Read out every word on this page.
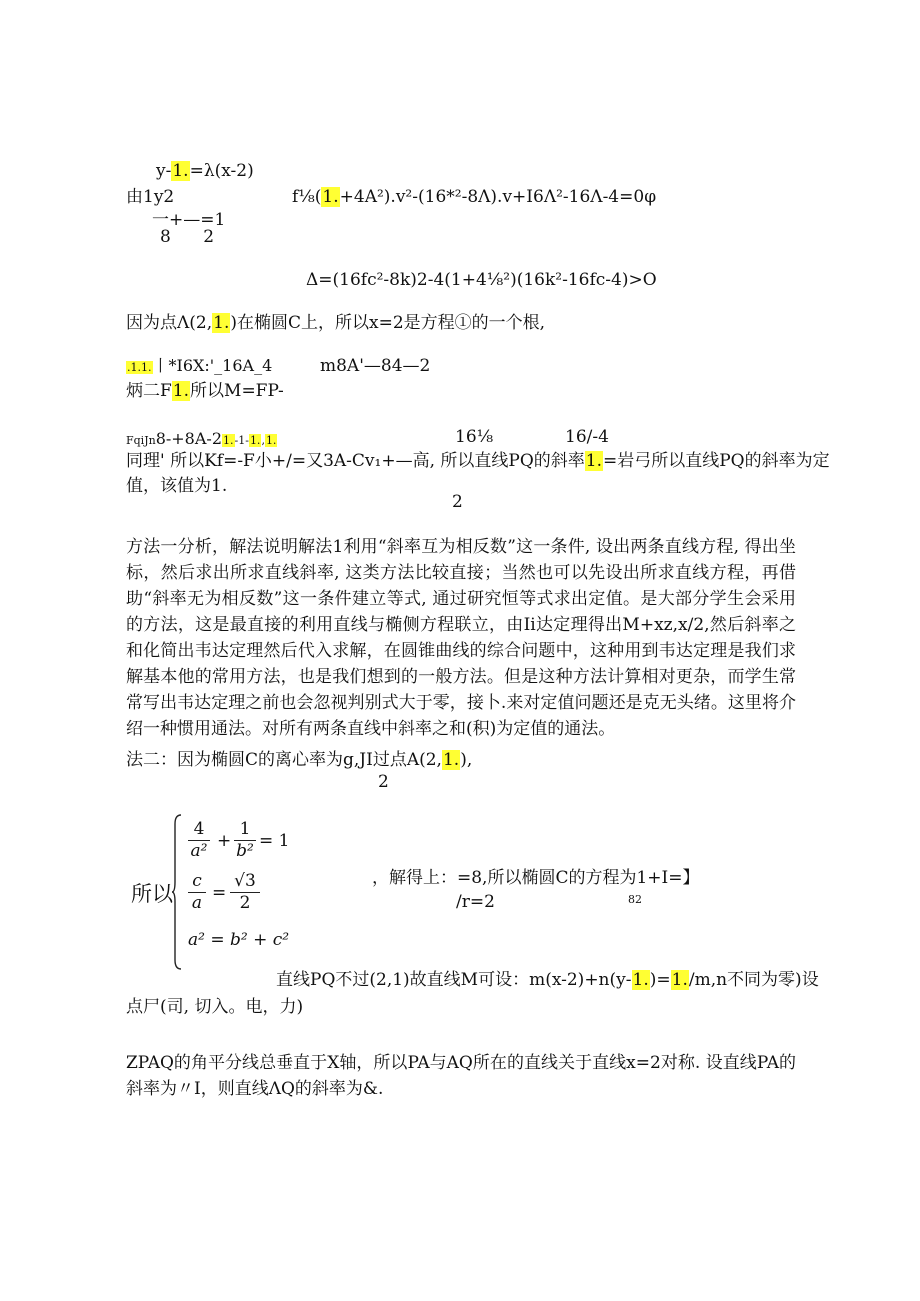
y-1.=λ(x-2)
由1y2	f⅛(1.+4A²).v²-(16*²-8Λ).v+I6Λ²-16Λ-4=0φ
一+—=1
8      2
Δ=(16fc²-8k)2-4(1+4⅛²)(16k²-16fc-4)>O
因为点Λ(2,1.)在椭圆C上，所以x=2是方程①的一个根,
.1.1.丨*I6X:'_16A_4	m8A'—84—2
炳二F1.所以M=FP-
FqiJn8-+8A-21.-1-1.,1.	16⅛	16∕-4
同理' 所以Kf=-F小+∕=又3A-Cv₁+—高, 所以直线PQ的斜率1.=岩弓所以直线PQ的斜率为定
值，该值为1.
2

方法一分析，解法说明解法1利用“斜率互为相反数”这一条件, 设出两条直线方程, 得出坐标，然后求出所求直线斜率, 这类方法比较直接；当然也可以先设出所求直线方程，再借助“斜率无为相反数”这一条件建立等式, 通过研究恒等式求出定值。是大部分学生会采用的方法，这是最直接的利用直线与椭侧方程联立，由Ii达定理得出M+xz,x∕2,然后斜率之和化简出韦达定理然后代入求解，在圆锥曲线的综合问题中，这种用到韦达定理是我们求解基本他的常用方法，也是我们想到的一般方法。但是这种方法计算相对更杂，而学生常常写出韦达定理之前也会忽视判别式大于零，接卜.来对定值问题还是克无头绪。这里将介绍一种惯用通法。对所有两条直线中斜率之和(积)为定值的通法。

法二：因为椭圆C的离心率为g,JI过点A(2,1.),
2
所以
4
a² +
1
b² = 1
c
a =
√3
2
a² = b² + c²
，解得上：=8,所以椭圆C的方程为1+I=】
/r=2	82
直线PQ不过(2,1)故直线M可设：m(x-2)+n(y-1.)=1./m,n不同为零)设
点尸(司, 切入。电，力)

ZPAQ的角平分线总垂直于X轴，所以PA与AQ所在的直线关于直线x=2对称. 设直线PA的斜率为〃I，则直线ΛQ的斜率为&.
